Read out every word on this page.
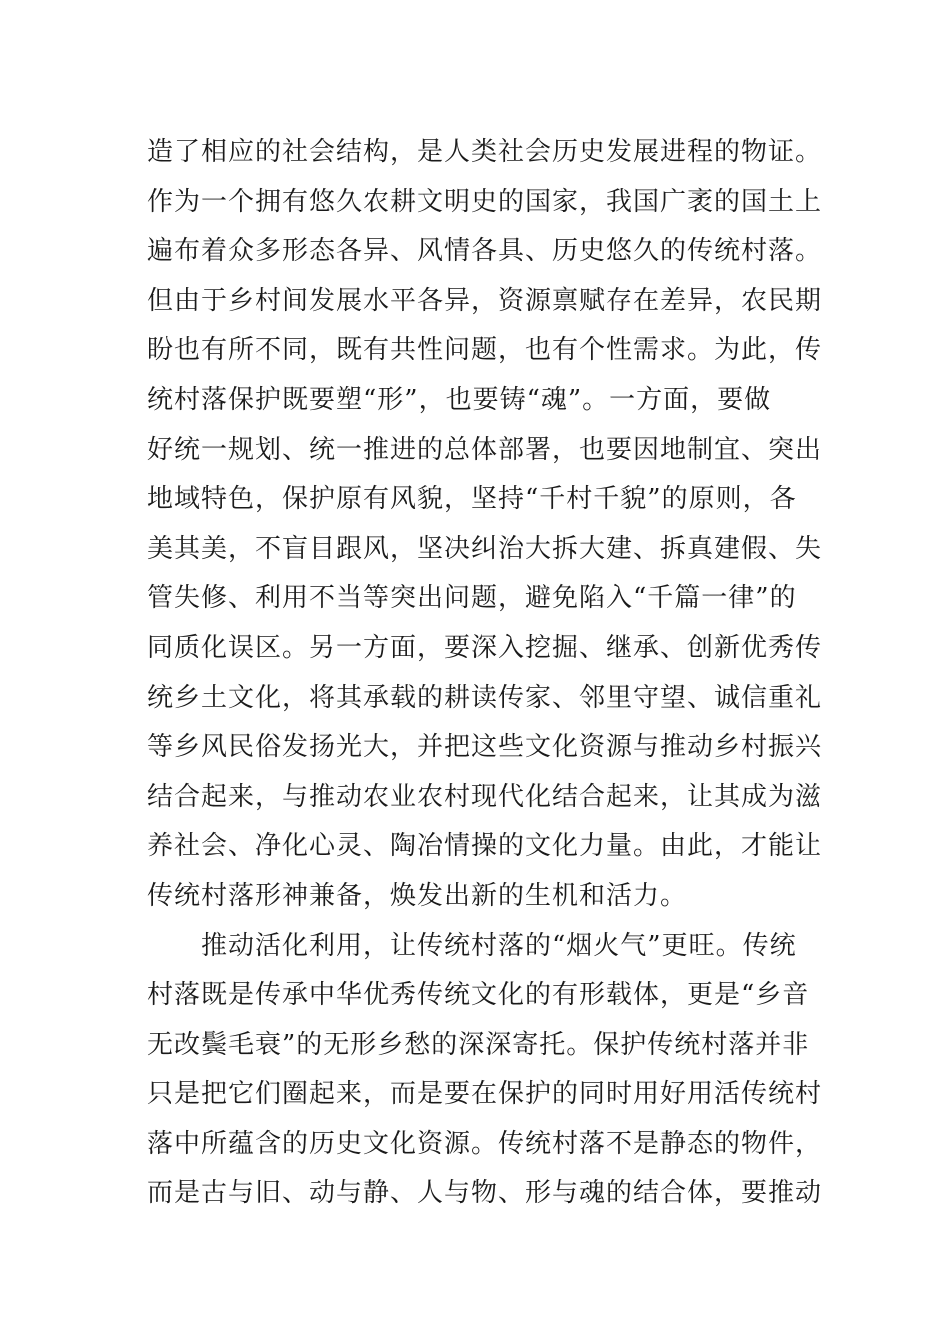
造了相应的社会结构，是人类社会历史发展进程的物证。
作为一个拥有悠久农耕文明史的国家，我国广袤的国土上
遍布着众多形态各异、风情各具、历史悠久的传统村落。
但由于乡村间发展水平各异，资源禀赋存在差异，农民期
盼也有所不同，既有共性问题，也有个性需求。为此，传
统村落保护既要塑“形”，也要铸“魂”。一方面，要做
好统一规划、统一推进的总体部署，也要因地制宜、突出
地域特色，保护原有风貌，坚持“千村千貌”的原则，各
美其美，不盲目跟风，坚决纠治大拆大建、拆真建假、失
管失修、利用不当等突出问题，避免陷入“千篇一律”的
同质化误区。另一方面，要深入挖掘、继承、创新优秀传
统乡土文化，将其承载的耕读传家、邻里守望、诚信重礼
等乡风民俗发扬光大，并把这些文化资源与推动乡村振兴
结合起来，与推动农业农村现代化结合起来，让其成为滋
养社会、净化心灵、陶冶情操的文化力量。由此，才能让
传统村落形神兼备，焕发出新的生机和活力。
　　推动活化利用，让传统村落的“烟火气”更旺。传统
村落既是传承中华优秀传统文化的有形载体，更是“乡音
无改鬓毛衰”的无形乡愁的深深寄托。保护传统村落并非
只是把它们圈起来，而是要在保护的同时用好用活传统村
落中所蕴含的历史文化资源。传统村落不是静态的物件，
而是古与旧、动与静、人与物、形与魂的结合体，要推动
